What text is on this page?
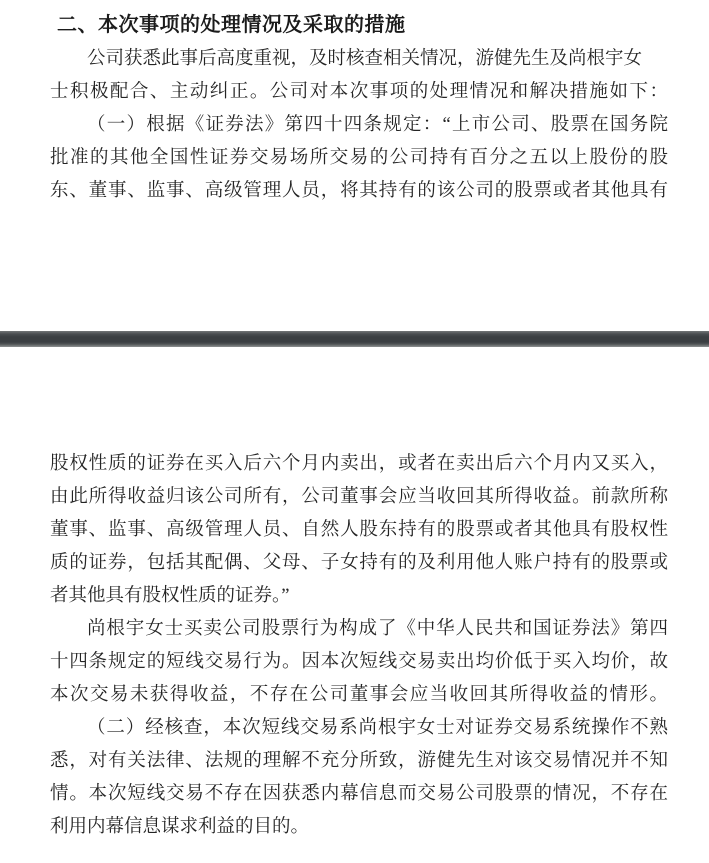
二、本次事项的处理情况及采取的措施

公司获悉此事后高度重视，及时核查相关情况，游健先生及尚根宇女

士积极配合、主动纠正。公司对本次事项的处理情况和解决措施如下：

（一）根据《证券法》第四十四条规定：“上市公司、股票在国务院

批准的其他全国性证券交易场所交易的公司持有百分之五以上股份的股

东、董事、监事、高级管理人员，将其持有的该公司的股票或者其他具有

股权性质的证券在买入后六个月内卖出，或者在卖出后六个月内又买入，

由此所得收益归该公司所有，公司董事会应当收回其所得收益。前款所称

董事、监事、高级管理人员、自然人股东持有的股票或者其他具有股权性

质的证券，包括其配偶、父母、子女持有的及利用他人账户持有的股票或

者其他具有股权性质的证券。”

尚根宇女士买卖公司股票行为构成了《中华人民共和国证券法》第四

十四条规定的短线交易行为。因本次短线交易卖出均价低于买入均价，故

本次交易未获得收益，不存在公司董事会应当收回其所得收益的情形。

（二）经核查，本次短线交易系尚根宇女士对证券交易系统操作不熟

悉，对有关法律、法规的理解不充分所致，游健先生对该交易情况并不知

情。本次短线交易不存在因获悉内幕信息而交易公司股票的情况，不存在

利用内幕信息谋求利益的目的。
